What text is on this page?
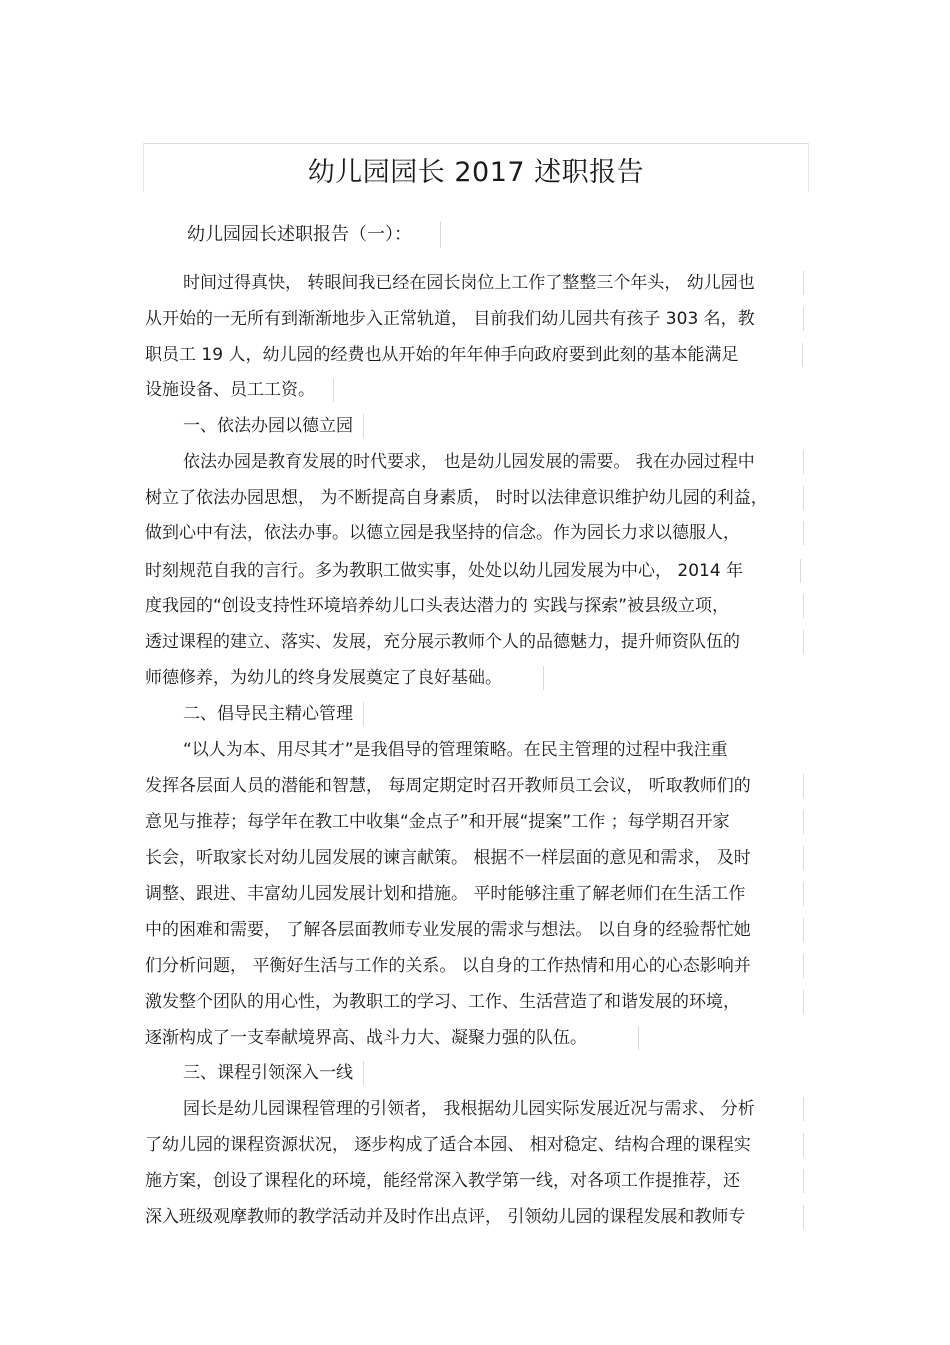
幼儿园园长 2017 述职报告
幼儿园园长述职报告（一）：
时间过得真快， 转眼间我已经在园长岗位上工作了整整三个年头， 幼儿园也
从开始的一无所有到渐渐地步入正常轨道， 目前我们幼儿园共有孩子 303 名，教
职员工 19 人，幼儿园的经费也从开始的年年伸手向政府要到此刻的基本能满足
设施设备、员工工资。
一、依法办园以德立园
依法办园是教育发展的时代要求， 也是幼儿园发展的需要。 我在办园过程中
树立了依法办园思想， 为不断提高自身素质， 时时以法律意识维护幼儿园的利益，
做到心中有法，依法办事。以德立园是我坚持的信念。作为园长力求以德服人，
时刻规范自我的言行。多为教职工做实事，处处以幼儿园发展为中心， 2014 年
度我园的“创设支持性环境培养幼儿口头表达潜力的 实践与探索”被县级立项，
透过课程的建立、落实、发展，充分展示教师个人的品德魅力，提升师资队伍的
师德修养，为幼儿的终身发展奠定了良好基础。
二、倡导民主精心管理
“以人为本、用尽其才”是我倡导的管理策略。在民主管理的过程中我注重
发挥各层面人员的潜能和智慧， 每周定期定时召开教师员工会议， 听取教师们的
意见与推荐；每学年在教工中收集“金点子”和开展“提案”工作 ；每学期召开家
长会，听取家长对幼儿园发展的谏言献策。 根据不一样层面的意见和需求， 及时
调整、跟进、丰富幼儿园发展计划和措施。 平时能够注重了解老师们在生活工作
中的困难和需要， 了解各层面教师专业发展的需求与想法。 以自身的经验帮忙她
们分析问题， 平衡好生活与工作的关系。 以自身的工作热情和用心的心态影响并
激发整个团队的用心性，为教职工的学习、工作、生活营造了和谐发展的环境，
逐渐构成了一支奉献境界高、战斗力大、凝聚力强的队伍。
三、课程引领深入一线
园长是幼儿园课程管理的引领者， 我根据幼儿园实际发展近况与需求、 分析
了幼儿园的课程资源状况， 逐步构成了适合本园、 相对稳定、结构合理的课程实
施方案，创设了课程化的环境，能经常深入教学第一线，对各项工作提推荐，还
深入班级观摩教师的教学活动并及时作出点评， 引领幼儿园的课程发展和教师专
